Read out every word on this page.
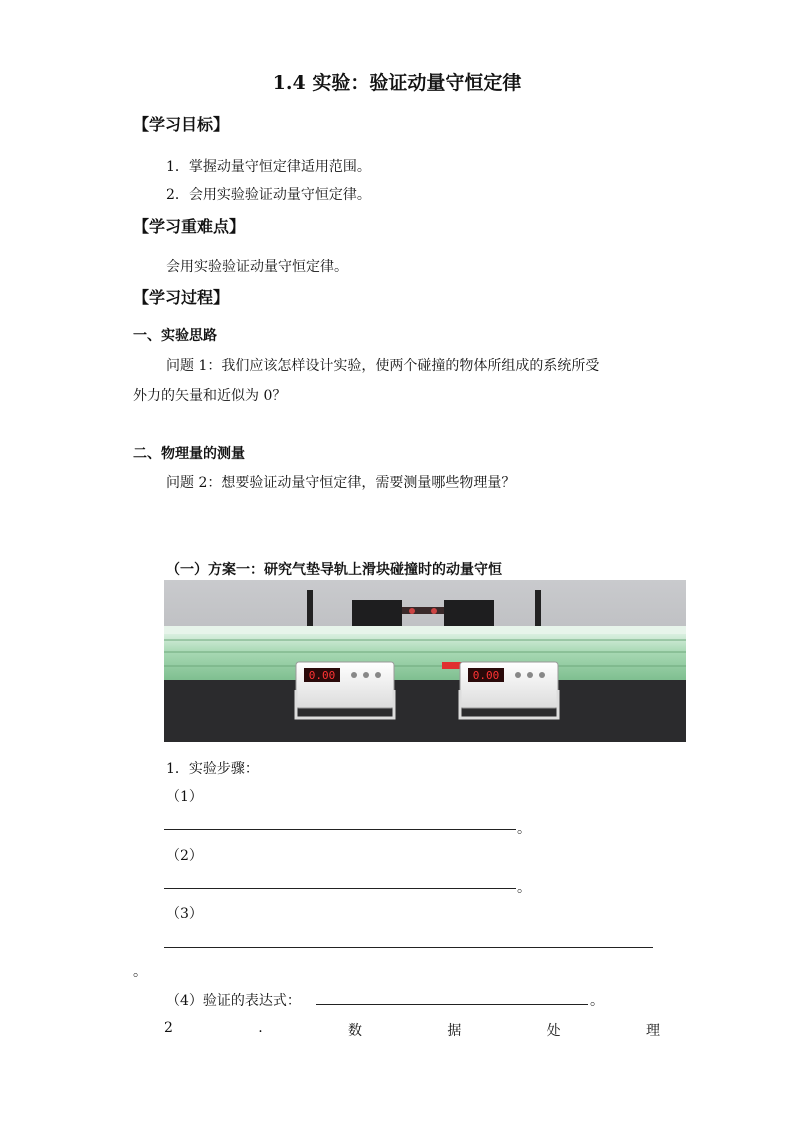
1.4 实验：验证动量守恒定律
【学习目标】
1．掌握动量守恒定律适用范围。
2．会用实验验证动量守恒定律。
【学习重难点】
会用实验验证动量守恒定律。
【学习过程】
一、实验思路
问题 1：我们应该怎样设计实验，使两个碰撞的物体所组成的系统所受
外力的矢量和近似为 0？
二、物理量的测量
问题 2：想要验证动量守恒定律，需要测量哪些物理量？
（一）方案一：研究气垫导轨上滑块碰撞时的动量守恒
0.00	0.00
1．实验步骤：
（1）
。
（2）
。
（3）
。
（4）验证的表达式：	。
2	.	数	据	处	理
